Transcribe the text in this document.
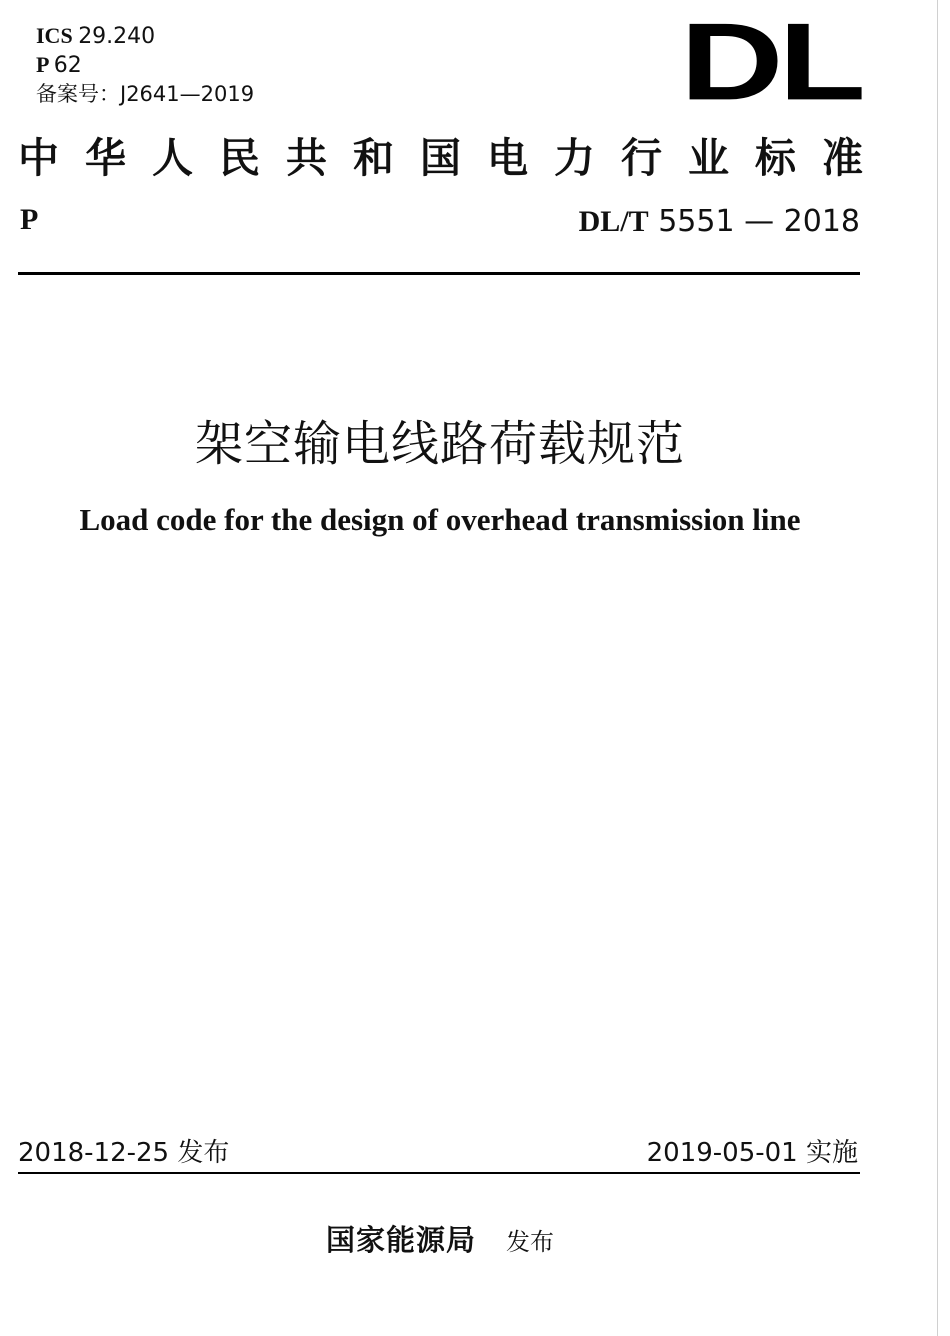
ICS 29.240
P 62
备案号：J2641—2019	DL
中 华 人 民 共 和 国 电 力 行 业 标 准
P	DL/T 5551 — 2018
架空输电线路荷载规范
Load code for the design of overhead transmission line
2018-12-25 发布	2019-05-01 实施
国家能源局 发布
